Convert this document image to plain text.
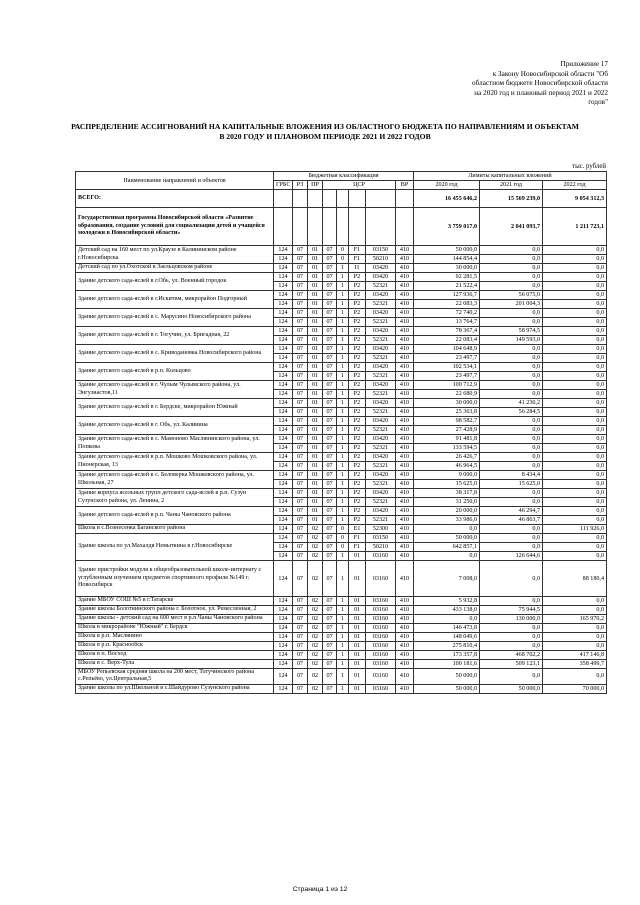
Приложение 17
к Закону Новосибирской области "Об
областном бюджете Новосибирской области
на 2020 год и плановый период 2021 и 2022
годов"
РАСПРЕДЕЛЕНИЕ АССИГНОВАНИЙ НА КАПИТАЛЬНЫЕ ВЛОЖЕНИЯ ИЗ ОБЛАСТНОГО БЮДЖЕТА ПО НАПРАВЛЕНИЯМ И ОБЪЕКТАМ В 2020 ГОДУ И ПЛАНОВОМ ПЕРИОДЕ 2021 И 2022 ГОДОВ
тыс. рублей
Наименование направлений и объектов	Бюджетная классификация								Лимиты капитальных вложений		
	ГРБС	РЗ	ПР	ЦСР				ВР	2020 год	2021 год	2022 год
ВСЕГО:									16 455 646,2	15 569 239,0	9 054 312,3
Государственная программа Новосибирской области «Развитие образования, создание условий для социализации детей и учащейся молодежи в Новосибирской области»									3 759 017,0	2 041 093,7	1 211 723,1
Детский сад на 160 мест по ул.Краузе в Калининском районе г.Новосибирска	124	07	01	07	0	F1	03150	410	50 000,0	0,0	0,0
	124	07	01	07	0	F1	50210	410	144 854,4	0,0	0,0
Детский сад по ул.Охотской в Заельцовском районе	124	07	01	07	1	I1	03420	410	30 000,0	0,0	0,0
Здание детского сада-яслей в г.Обь, ул. Военный городок	124	07	01	07	1	P2	03420	410	92 281,5	0,0	0,0
	124	07	01	07	1	P2	52321	410	21 522,4	0,0	0,0
Здание детского сада-яслей в г.Искитим, микрорайон Подгорный	124	07	01	07	1	P2	03420	410	127 936,7	56 075,0	0,0
	124	07	01	07	1	P2	52321	410	22 083,3	201 004,3	0,0
Здание детского сада-яслей в с. Марусино Новосибирского района	124	07	01	07	1	P2	03420	410	72 740,2	0,0	0,0
	124	07	01	07	1	P2	52321	410	13 764,7	0,0	0,0
Здание детского сада-яслей в г. Тогучин, ул. Бригадная, 22	124	07	01	07	1	P2	03420	410	78 367,4	58 974,5	0,0
	124	07	01	07	1	P2	52321	410	22 083,4	149 593,0	0,0
Здание детского сада-яслей в с. Криводановка Новосибирского района	124	07	01	07	1	P2	03420	410	104 648,9	0,0	0,0
	124	07	01	07	1	P2	52321	410	23 497,7	0,0	0,0
Здание детского сада-яслей в р.п. Кольцово	124	07	01	07	1	P2	03420	410	102 534,1	0,0	0,0
	124	07	01	07	1	P2	52321	410	23 497,7	0,0	0,0
Здание детского сада-яслей в г. Чулым Чулымского района, ул. Энгузиастов,11	124	07	01	07	1	P2	03420	410	100 712,9	0,0	0,0
	124	07	01	07	1	P2	52321	410	22 680,9	0,0	0,0
Здание детского сада-яслей в г. Бердске, микрорайон Южный	124	07	01	07	1	P2	03420	410	30 000,0	41 230,2	0,0
	124	07	01	07	1	P2	52321	410	25 363,8	56 284,5	0,0
Здание детского сада-яслей в г. Обь, ул. Калинина	124	07	01	07	1	P2	03420	410	98 582,7	0,0	0,0
	124	07	01	07	1	P2	52321	410	27 428,9	0,0	0,0
Здание детского сада-яслей в с. Мамоново Маслянинского района, ул. Попкова	124	07	01	07	1	P2	03420	410	91 481,8	0,0	0,0
	124	07	01	07	1	P2	52321	410	133 594,5	0,0	0,0
Здание детского сада-яслей в р.п. Мошково Мошковского района, ул. Пионерская, 13	124	07	01	07	1	P2	03420	410	26 426,7	0,0	0,0
	124	07	01	07	1	P2	52321	410	46 964,5	0,0	0,0
Здание детского сада-яслей в с. Беловерка Мошковского района, ул. Школьная, 27	124	07	01	07	1	P2	03420	410	9 000,0	8 434,4	0,0
	124	07	01	07	1	P2	52321	410	15 625,0	15 625,0	0,0
Здание корпуса ясельных групп детского сада-яслей в р.п. Сузун Сузунского района, ул. Ленина, 2	124	07	01	07	1	P2	03420	410	38 317,8	0,0	0,0
	124	07	01	07	1	P2	52321	410	31 250,0	0,0	0,0
Здание детского сада-яслей в р.п. Чаны Чановского района	124	07	01	07	1	P2	03420	410	20 000,0	46 294,7	0,0
	124	07	01	07	1	P2	52321	410	33 986,0	46 863,7	0,0
Школа в с.Вознесенка Баганского района	124	07	02	07	0	E1	52300	410	0,0	0,0	111 926,0
Здание школы по ул.Махалдя Немыткина в г.Новосибирске	124	07	02	07	0	F1	03150	410	50 000,0	0,0	0,0
	124	07	02	07	0	F1	50210	410	642 857,1	0,0	0,0
	124	07	02	07	1	01	03160	410	0,0	126 644,6	0,0
Здание пристройки модуля к общеобразовательной школе-интернату с углубленным изучением предметов спортивного профиля №149 г. Новосибирск	124	07	02	07	1	01	03160	410	7 008,0	0,0	88 180,4
Здание МБОУ СОШ №5 в г.Татарске	124	07	02	07	1	01	03160	410	5 932,8	0,0	0,0
Здание школы Болотнинского района г. Болотное, ул. Ремесленная, 2	124	07	02	07	1	01	03160	410	433 138,0	75 944,5	0,0
Здание школы - детский сад на 600 мест в р.п.Чаны Чановского района	124	07	02	07	1	01	03160	410	0,0	130 000,0	165 970,2
Школа в микрорайоне "Южный" г. Бердск	124	07	02	07	1	01	03160	410	146 473,8	0,0	0,0
Школа в р.п. Маслянино	124	07	02	07	1	01	03160	410	148 049,6	0,0	0,0
Школа в р.п. Краснообск	124	07	02	07	1	01	03160	410	275 810,4	0,0	0,0
Школа в п. Восход	124	07	02	07	1	01	03160	410	173 357,8	468 702,2	417 146,8
Школа в с. Верх-Тула	124	07	02	07	1	01	03160	410	100 181,6	509 123,1	358 499,7
МБОУ Репьевская средняя школа на 200 мест, Тогучинского района с.Репьёво, ул.Центральная,5	124	07	02	07	1	01	03160	410	50 000,0	0,0	0,0
Здание школы по ул.Школьной в с.Шайдурово Сузунского района	124	07	02	07	1	01	03160	410	50 000,0	50 000,0	70 000,0
Страница 1 из 12
